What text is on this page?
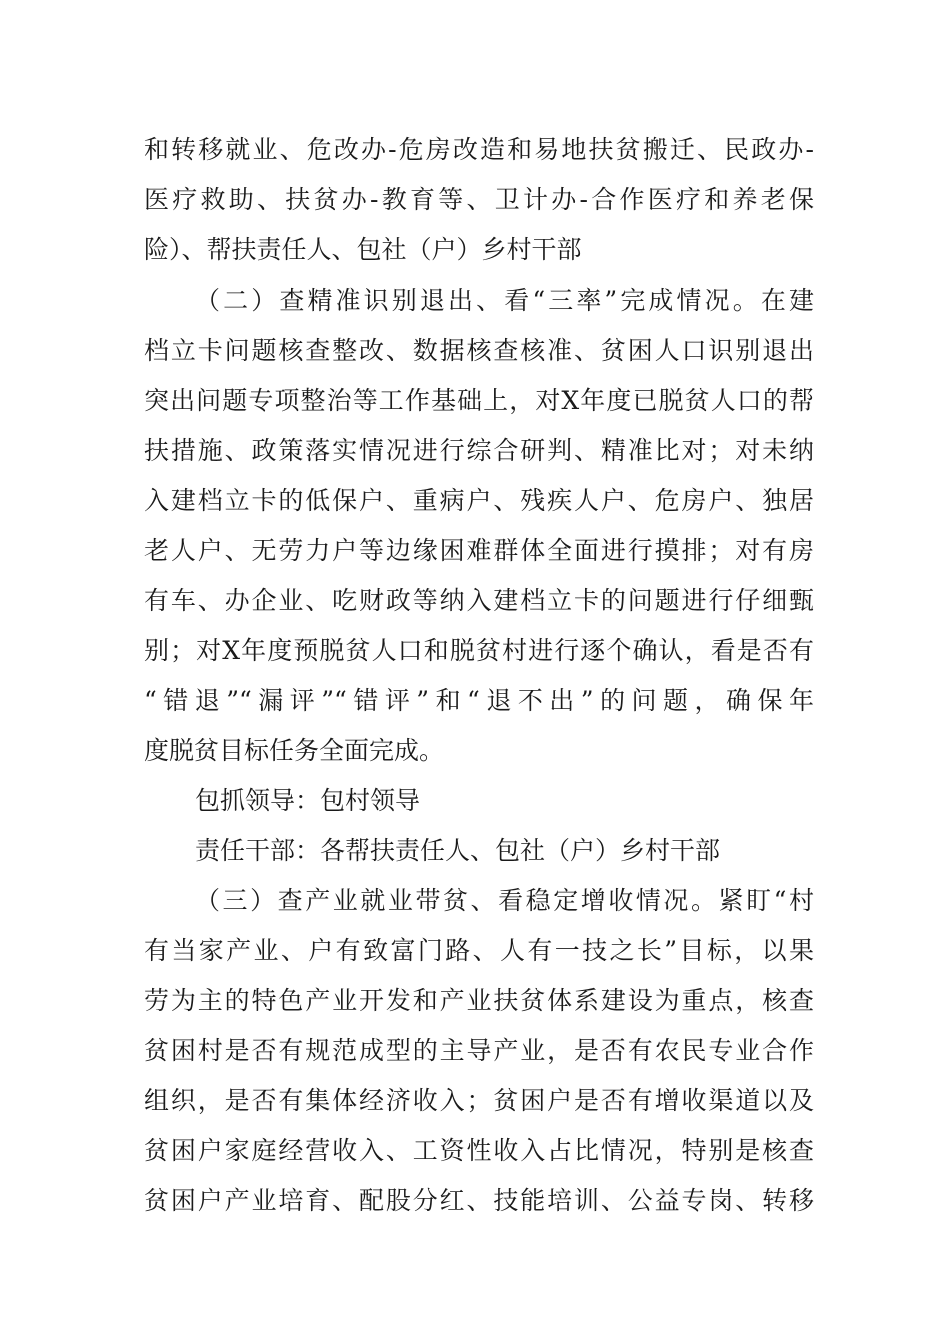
和转移就业、危改办-危房改造和易地扶贫搬迁、民政办-
医疗救助、扶贫办-教育等、卫计办-合作医疗和养老保
险）、帮扶责任人、包社（户）乡村干部
（二）查精准识别退出、看“三率”完成情况。在建
档立卡问题核查整改、数据核查核准、贫困人口识别退出
突出问题专项整治等工作基础上，对X年度已脱贫人口的帮
扶措施、政策落实情况进行综合研判、精准比对；对未纳
入建档立卡的低保户、重病户、残疾人户、危房户、独居
老人户、无劳力户等边缘困难群体全面进行摸排；对有房
有车、办企业、吃财政等纳入建档立卡的问题进行仔细甄
别；对X年度预脱贫人口和脱贫村进行逐个确认，看是否有
“错退”“漏评”“错评”和“退不出”的问题，确保年
度脱贫目标任务全面完成。
包抓领导：包村领导
责任干部：各帮扶责任人、包社（户）乡村干部
（三）查产业就业带贫、看稳定增收情况。紧盯“村
有当家产业、户有致富门路、人有一技之长”目标，以果
劳为主的特色产业开发和产业扶贫体系建设为重点，核查
贫困村是否有规范成型的主导产业，是否有农民专业合作
组织，是否有集体经济收入；贫困户是否有增收渠道以及
贫困户家庭经营收入、工资性收入占比情况，特别是核查
贫困户产业培育、配股分红、技能培训、公益专岗、转移
